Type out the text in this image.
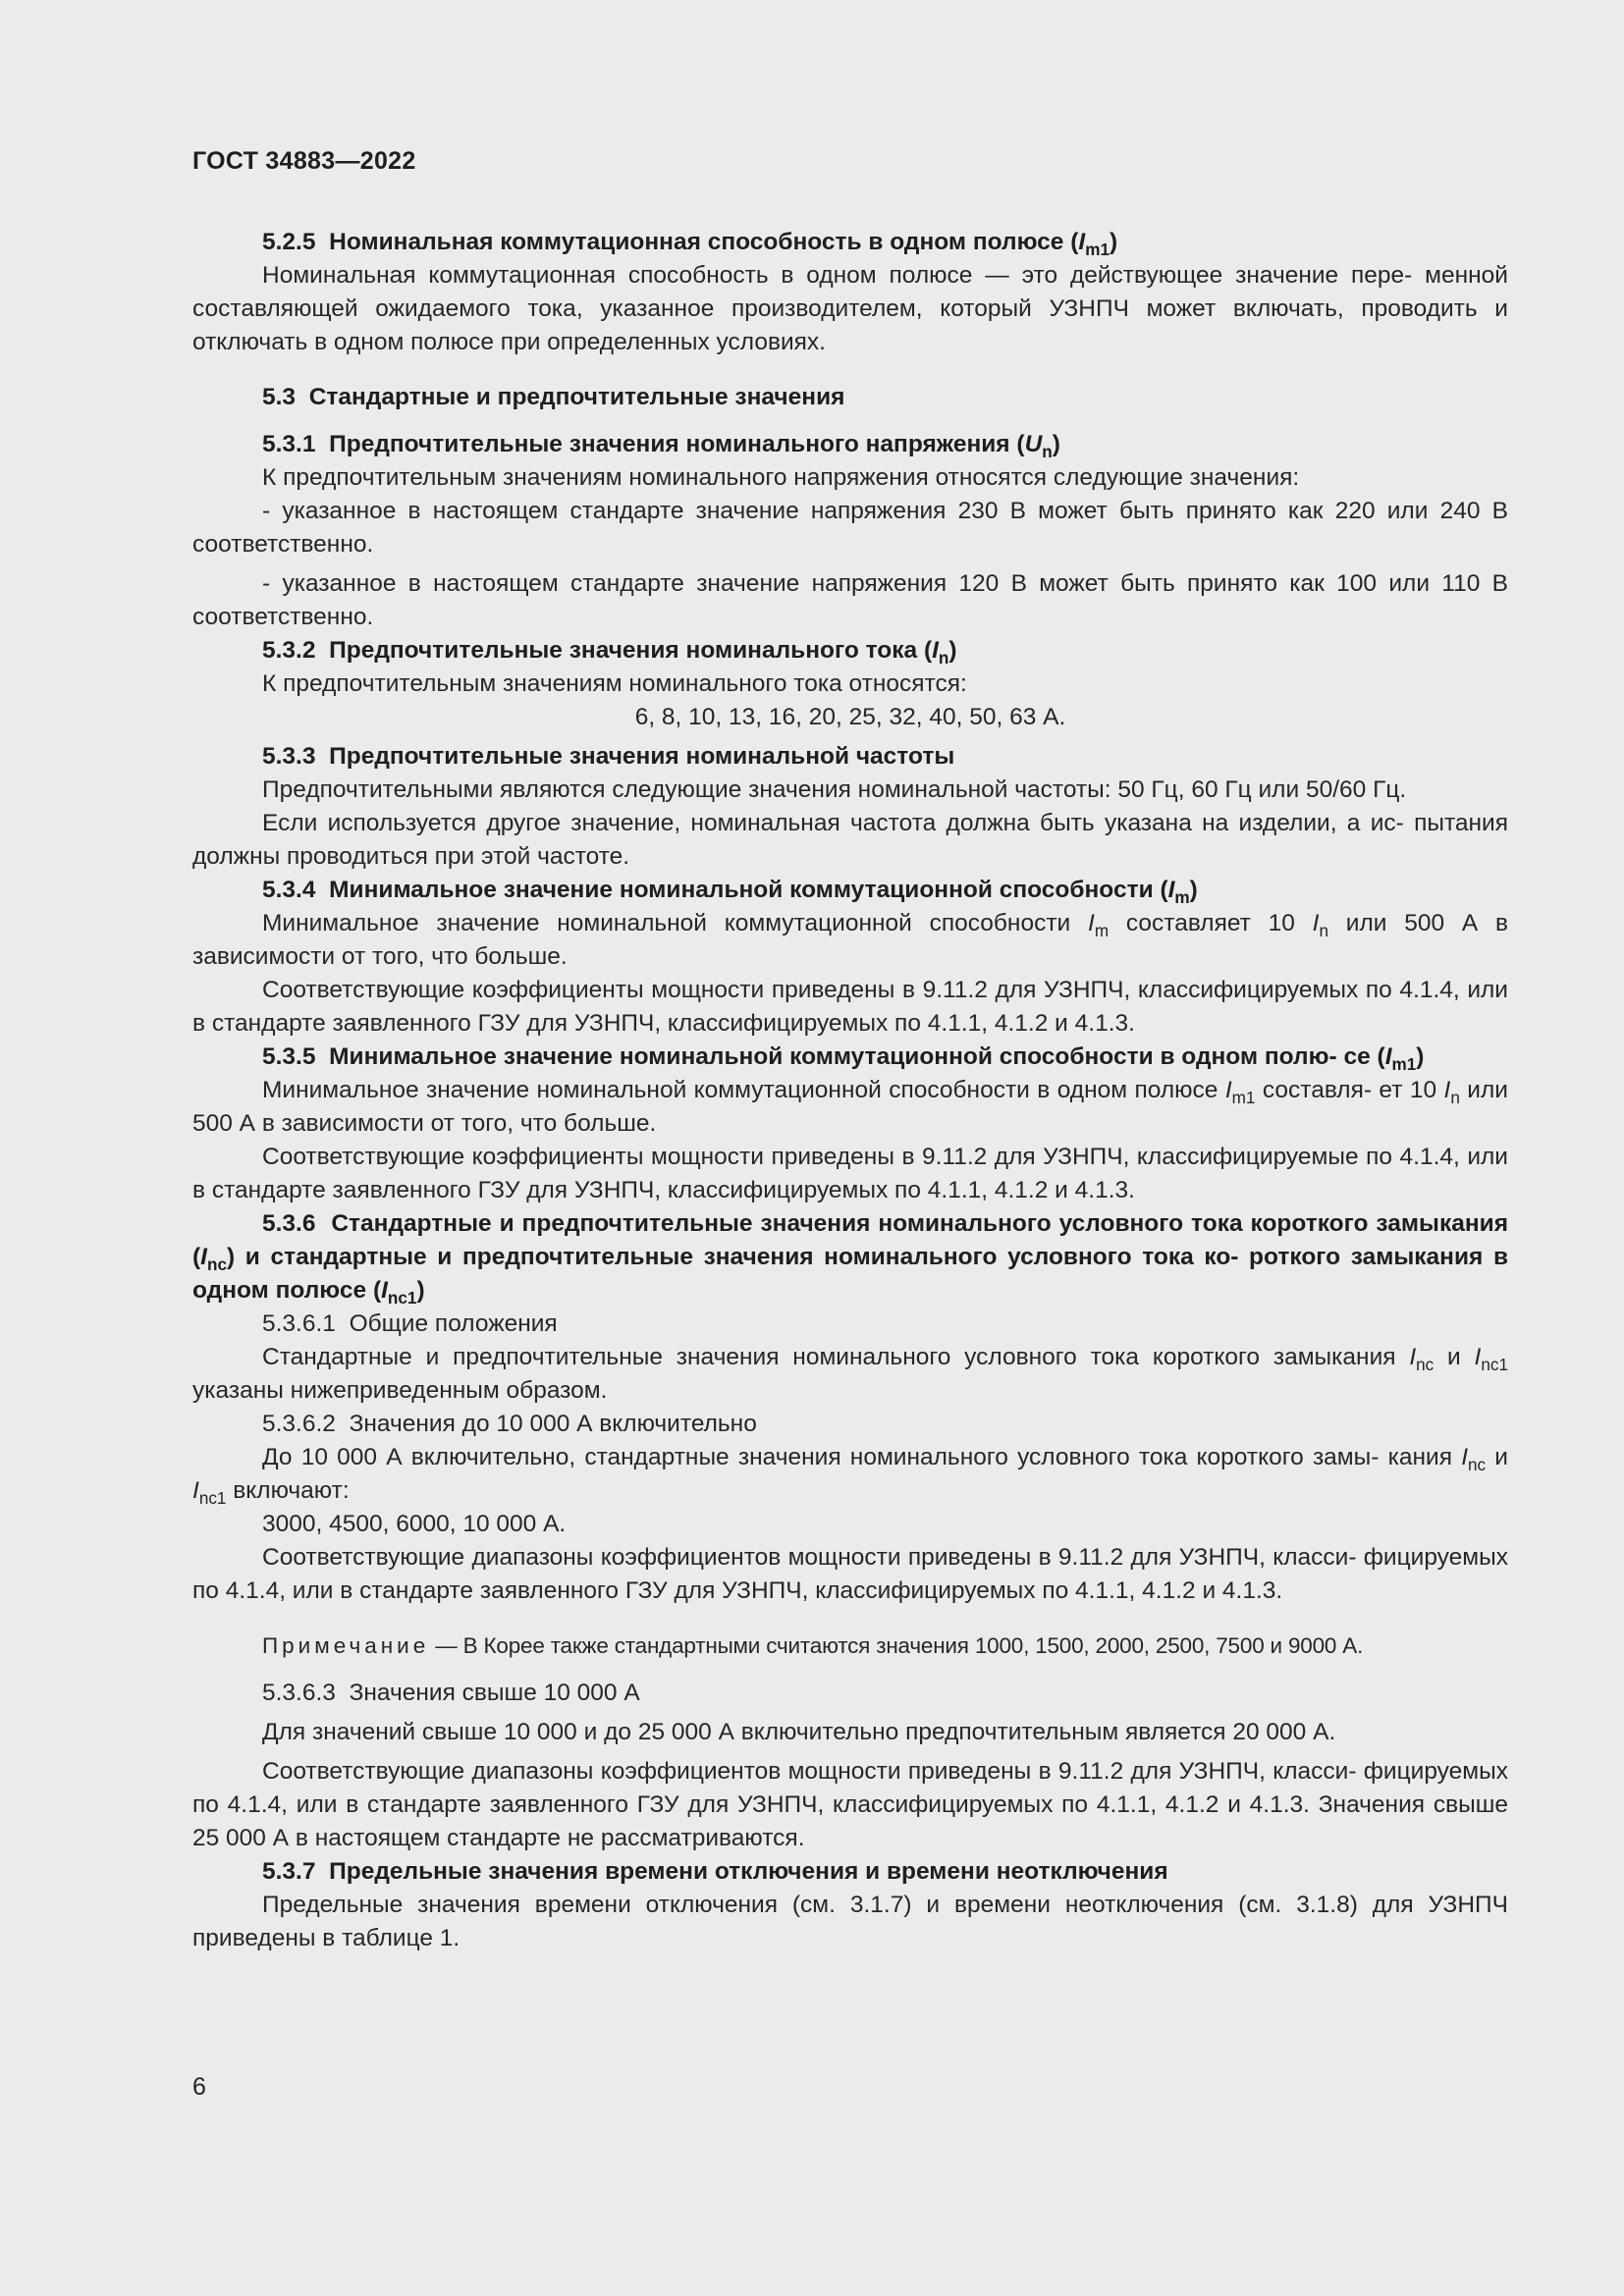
ГОСТ 34883—2022

5.2.5 Номинальная коммутационная способность в одном полюсе $(I_{m1})$

Номинальная коммутационная способность в одном полюсе — это действующее значение пере- менной составляющей ожидаемого тока, указанное производителем, который УЗНПЧ может включать, проводить и отключать в одном полюсе при определенных условиях.

5.3 Стандартные и предпочтительные значения

5.3.1 Предпочтительные значения номинального напряжения $(U_n)$

К предпочтительным значениям номинального напряжения относятся следующие значения:

- указанное в настоящем стандарте значение напряжения 230 В может быть принято как 220 или 240 В соответственно.

- указанное в настоящем стандарте значение напряжения 120 В может быть принято как 100 или 110 В соответственно.

5.3.2 Предпочтительные значения номинального тока $(I_n)$

К предпочтительным значениям номинального тока относятся:

6, 8, 10, 13, 16, 20, 25, 32, 40, 50, 63 А.

5.3.3 Предпочтительные значения номинальной частоты

Предпочтительными являются следующие значения номинальной частоты: 50 Гц, 60 Гц или 50/60 Гц.

Если используется другое значение, номинальная частота должна быть указана на изделии, а ис- пытания должны проводиться при этой частоте.

5.3.4 Минимальное значение номинальной коммутационной способности $(I_m)$

Минимальное значение номинальной коммутационной способности $I_m$ составляет 10 $I_n$ или 500 А в зависимости от того, что больше.

Соответствующие коэффициенты мощности приведены в 9.11.2 для УЗНПЧ, классифицируемых по 4.1.4, или в стандарте заявленного ГЗУ для УЗНПЧ, классифицируемых по 4.1.1, 4.1.2 и 4.1.3.

5.3.5 Минимальное значение номинальной коммутационной способности в одном полю- се $(I_{m1})$

Минимальное значение номинальной коммутационной способности в одном полюсе $I_{m1}$ составля- ет 10 $I_n$ или 500 А в зависимости от того, что больше.

Соответствующие коэффициенты мощности приведены в 9.11.2 для УЗНПЧ, классифицируемые по 4.1.4, или в стандарте заявленного ГЗУ для УЗНПЧ, классифицируемых по 4.1.1, 4.1.2 и 4.1.3.

5.3.6 Стандартные и предпочтительные значения номинального условного тока короткого замыкания $(I_{nc})$ и стандартные и предпочтительные значения номинального условного тока ко- роткого замыкания в одном полюсе $(I_{nc1})$

5.3.6.1 Общие положения

Стандартные и предпочтительные значения номинального условного тока короткого замыкания $I_{nc}$ и $I_{nc1}$ указаны нижеприведенным образом.

5.3.6.2 Значения до 10 000 А включительно

До 10 000 А включительно, стандартные значения номинального условного тока короткого замы- кания $I_{nc}$ и $I_{nc1}$ включают:

3000, 4500, 6000, 10 000 А.

Соответствующие диапазоны коэффициентов мощности приведены в 9.11.2 для УЗНПЧ, класси- фицируемых по 4.1.4, или в стандарте заявленного ГЗУ для УЗНПЧ, классифицируемых по 4.1.1, 4.1.2 и 4.1.3.

Примечание — В Корее также стандартными считаются значения 1000, 1500, 2000, 2500, 7500 и 9000 А.

5.3.6.3 Значения свыше 10 000 А

Для значений свыше 10 000 и до 25 000 А включительно предпочтительным является 20 000 А.

Соответствующие диапазоны коэффициентов мощности приведены в 9.11.2 для УЗНПЧ, класси- фицируемых по 4.1.4, или в стандарте заявленного ГЗУ для УЗНПЧ, классифицируемых по 4.1.1, 4.1.2 и 4.1.3. Значения свыше 25 000 А в настоящем стандарте не рассматриваются.

5.3.7 Предельные значения времени отключения и времени неотключения

Предельные значения времени отключения (см. 3.1.7) и времени неотключения (см. 3.1.8) для УЗНПЧ приведены в таблице 1.

6
